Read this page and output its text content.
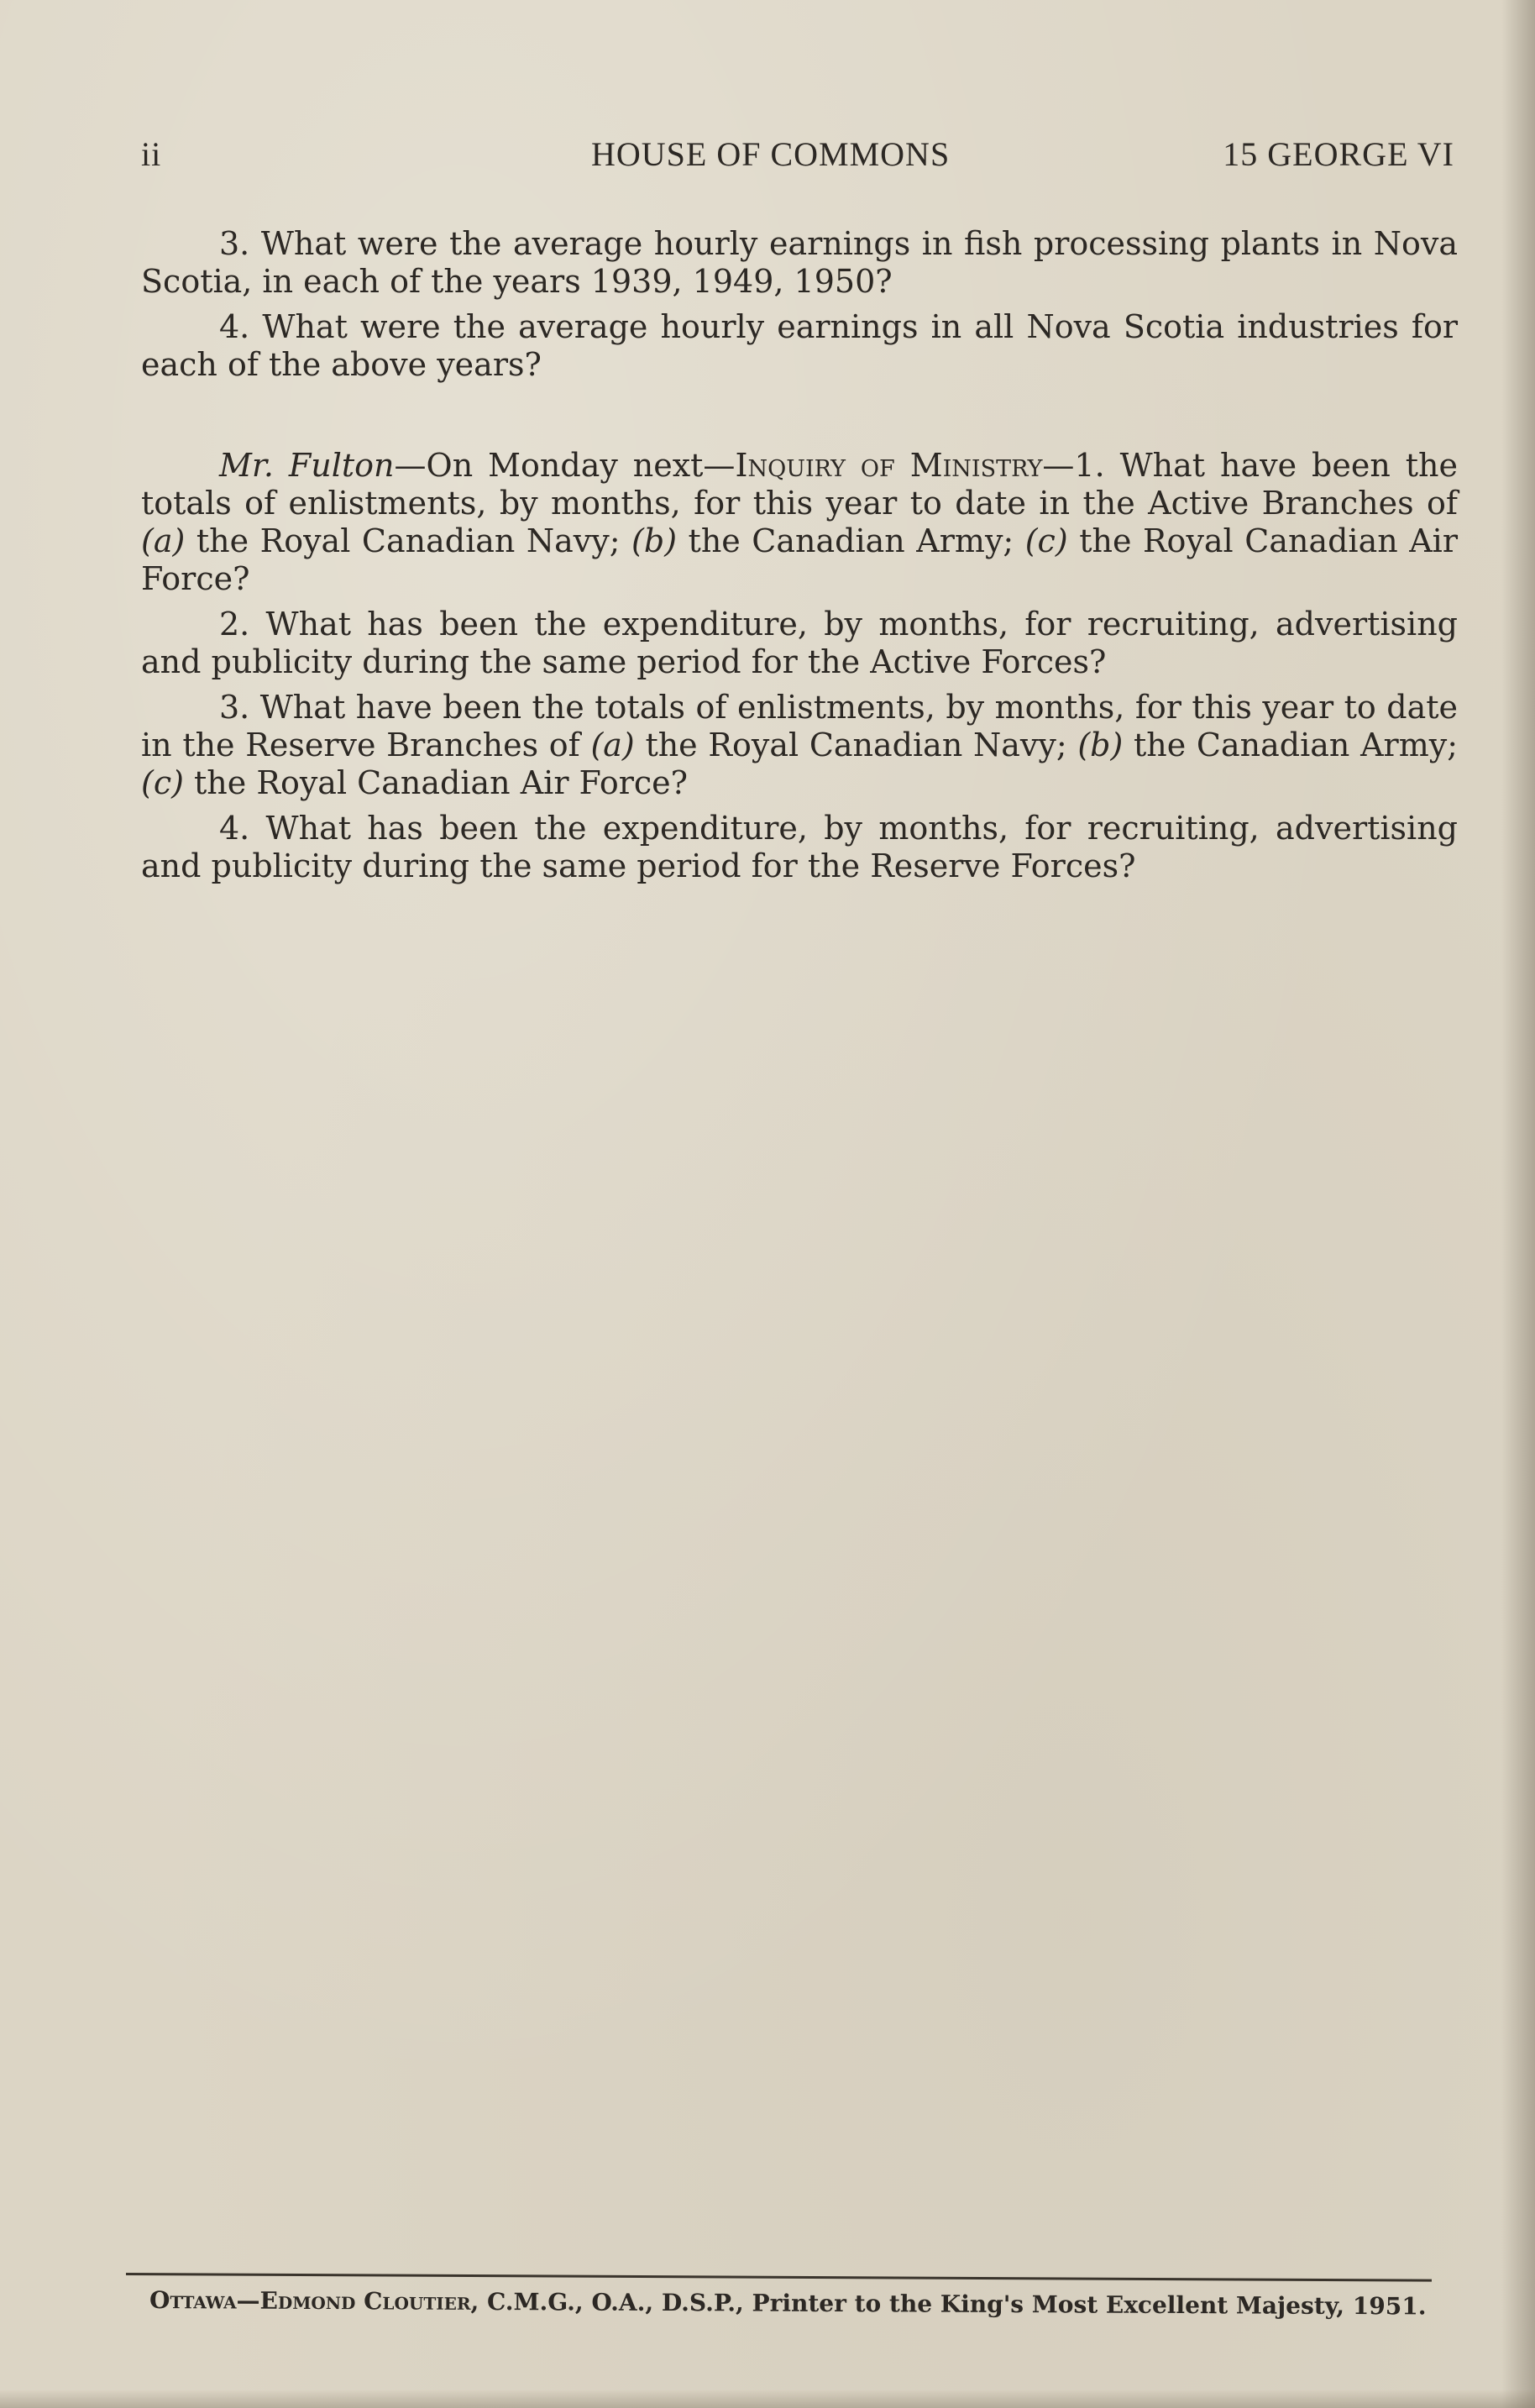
ii	HOUSE OF COMMONS	15 GEORGE VI

3. What were the average hourly earnings in fish processing plants in Nova Scotia, in each of the years 1939, 1949, 1950?

4. What were the average hourly earnings in all Nova Scotia industries for each of the above years?

Mr. Fulton—On Monday next—Inquiry of Ministry—1. What have been the totals of enlistments, by months, for this year to date in the Active Branches of (a) the Royal Canadian Navy; (b) the Canadian Army; (c) the Royal Canadian Air Force?

2. What has been the expenditure, by months, for recruiting, advertising and publicity during the same period for the Active Forces?

3. What have been the totals of enlistments, by months, for this year to date in the Reserve Branches of (a) the Royal Canadian Navy; (b) the Canadian Army; (c) the Royal Canadian Air Force?

4. What has been the expenditure, by months, for recruiting, advertising and publicity during the same period for the Reserve Forces?

Ottawa—Edmond Cloutier, C.M.G., O.A., D.S.P., Printer to the King's Most Excellent Majesty, 1951.
